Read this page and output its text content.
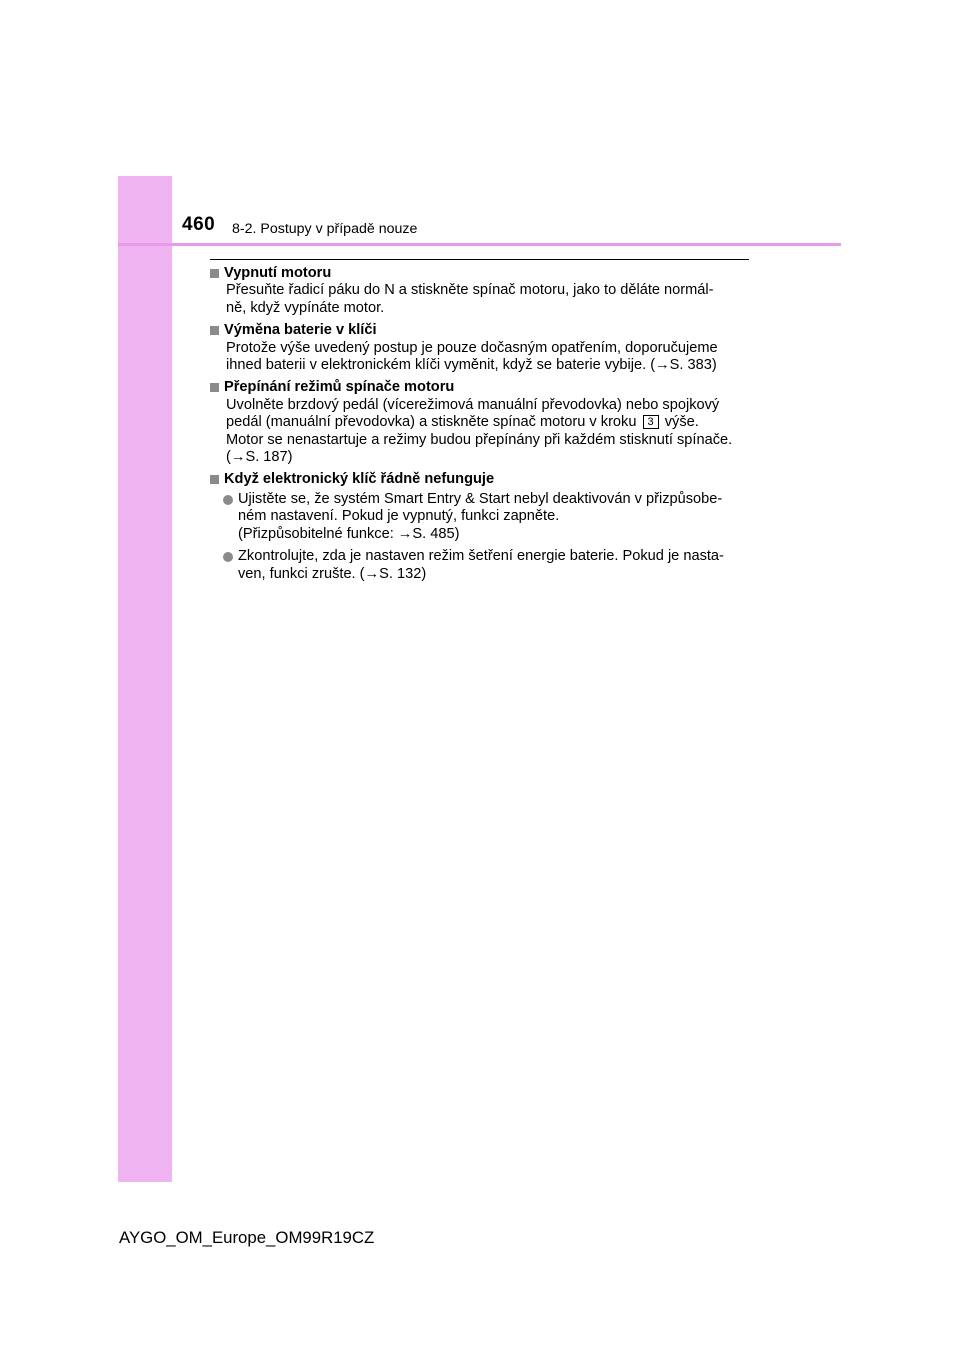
460 8-2. Postupy v případě nouze
Vypnutí motoru
Přesuňte řadicí páku do N a stiskněte spínač motoru, jako to děláte normál-
ně, když vypínáte motor.
Výměna baterie v klíči
Protože výše uvedený postup je pouze dočasným opatřením, doporučujeme
ihned baterii v elektronickém klíči vyměnit, když se baterie vybije. (→S. 383)
Přepínání režimů spínače motoru
Uvolněte brzdový pedál (vícerežimová manuální převodovka) nebo spojkový
pedál (manuální převodovka) a stiskněte spínač motoru v kroku 3 výše.
Motor se nenastartuje a režimy budou přepínány při každém stisknutí spínače.
(→S. 187)
Když elektronický klíč řádně nefunguje
Ujistěte se, že systém Smart Entry & Start nebyl deaktivován v přizpůsobe-
ném nastavení. Pokud je vypnutý, funkci zapněte.
(Přizpůsobitelné funkce: →S. 485)
Zkontrolujte, zda je nastaven režim šetření energie baterie. Pokud je nasta-
ven, funkci zrušte. (→S. 132)
AYGO_OM_Europe_OM99R19CZ
